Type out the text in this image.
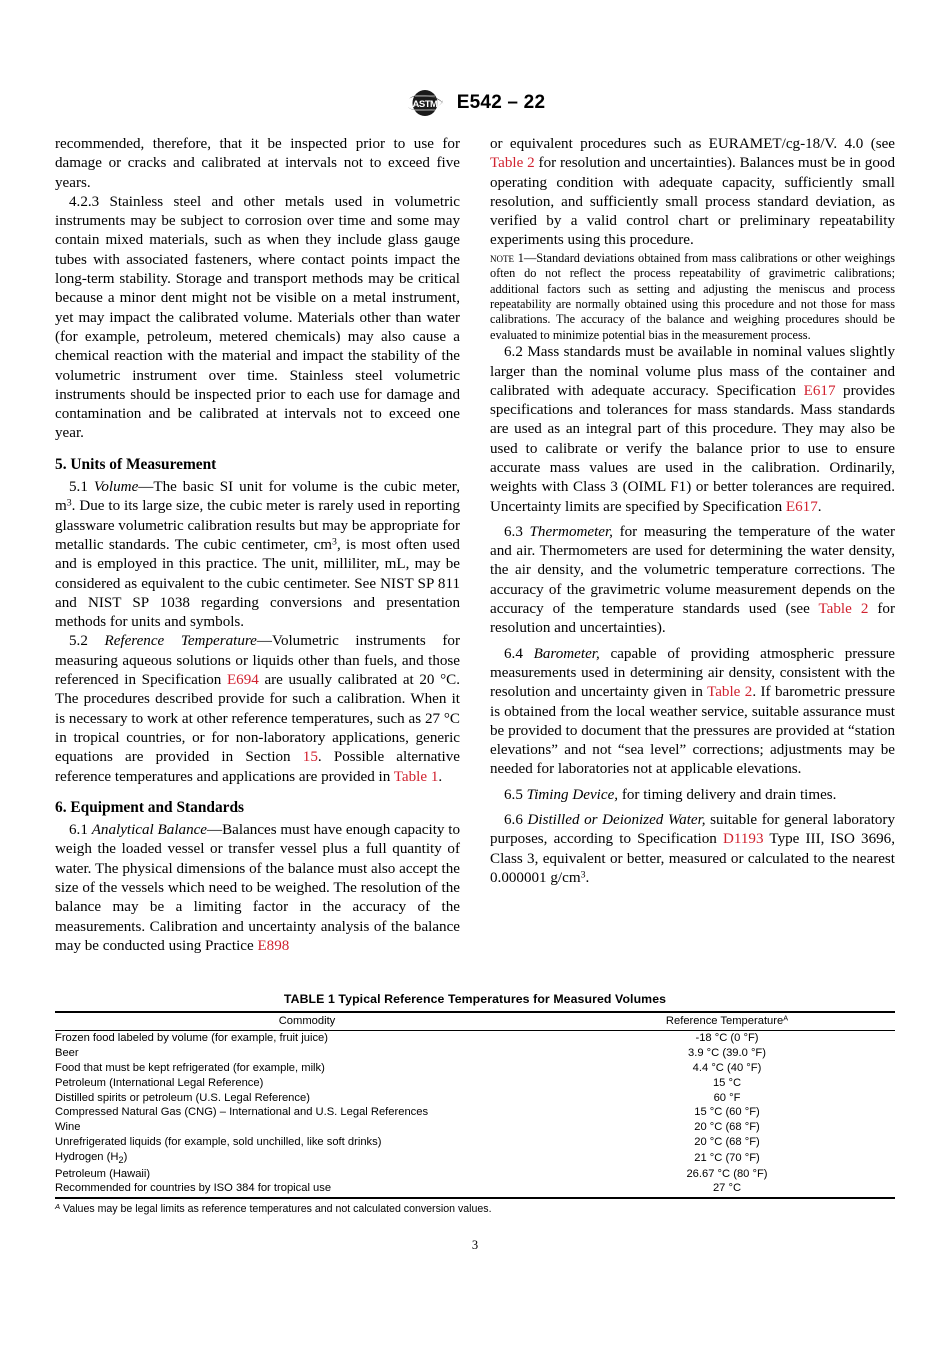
ASTM E542 – 22

recommended, therefore, that it be inspected prior to use for damage or cracks and calibrated at intervals not to exceed five years.

4.2.3 Stainless steel and other metals used in volumetric instruments may be subject to corrosion over time and some may contain mixed materials, such as when they include glass gauge tubes with associated fasteners, where contact points impact the long-term stability. Storage and transport methods may be critical because a minor dent might not be visible on a metal instrument, yet may impact the calibrated volume. Materials other than water (for example, petroleum, metered chemicals) may also cause a chemical reaction with the material and impact the stability of the volumetric instrument over time. Stainless steel volumetric instruments should be inspected prior to each use for damage and contamination and be calibrated at intervals not to exceed one year.

5. Units of Measurement

5.1 Volume—The basic SI unit for volume is the cubic meter, $m^3$. Due to its large size, the cubic meter is rarely used in reporting glassware volumetric calibration results but may be appropriate for metallic standards. The cubic centimeter, $cm^3$, is most often used and is employed in this practice. The unit, milliliter, mL, may be considered as equivalent to the cubic centimeter. See NIST SP 811 and NIST SP 1038 regarding conversions and presentation methods for units and symbols.

5.2 Reference Temperature—Volumetric instruments for measuring aqueous solutions or liquids other than fuels, and those referenced in Specification E694 are usually calibrated at 20 °C. The procedures described provide for such a calibration. When it is necessary to work at other reference temperatures, such as 27 °C in tropical countries, or for non-laboratory applications, generic equations are provided in Section 15. Possible alternative reference temperatures and applications are provided in Table 1.

6. Equipment and Standards

6.1 Analytical Balance—Balances must have enough capacity to weigh the loaded vessel or transfer vessel plus a full quantity of water. The physical dimensions of the balance must also accept the size of the vessels which need to be weighed. The resolution of the balance may be a limiting factor in the accuracy of the measurements. Calibration and uncertainty analysis of the balance may be conducted using Practice E898

or equivalent procedures such as EURAMET/cg-18/V. 4.0 (see Table 2 for resolution and uncertainties). Balances must be in good operating condition with adequate capacity, sufficiently small resolution, and sufficiently small process standard deviation, as verified by a valid control chart or preliminary repeatability experiments using this procedure.

note 1—Standard deviations obtained from mass calibrations or other weighings often do not reflect the process repeatability of gravimetric calibrations; additional factors such as setting and adjusting the meniscus and process repeatability are normally obtained using this procedure and not those for mass calibrations. The accuracy of the balance and weighing procedures should be evaluated to minimize potential bias in the measurement process.

6.2 Mass standards must be available in nominal values slightly larger than the nominal volume plus mass of the container and calibrated with adequate accuracy. Specification E617 provides specifications and tolerances for mass standards. Mass standards are used as an integral part of this procedure. They may also be used to calibrate or verify the balance prior to use to ensure accurate mass values are used in the calibration. Ordinarily, weights with Class 3 (OIML F1) or better tolerances are required. Uncertainty limits are specified by Specification E617.

6.3 Thermometer, for measuring the temperature of the water and air. Thermometers are used for determining the water density, the air density, and the volumetric temperature corrections. The accuracy of the gravimetric volume measurement depends on the accuracy of the temperature standards used (see Table 2 for resolution and uncertainties).

6.4 Barometer, capable of providing atmospheric pressure measurements used in determining air density, consistent with the resolution and uncertainty given in Table 2. If barometric pressure is obtained from the local weather service, suitable assurance must be provided to document that the pressures are provided at “station elevations” and not “sea level” corrections; adjustments may be needed for laboratories not at applicable elevations.

6.5 Timing Device, for timing delivery and drain times.

6.6 Distilled or Deionized Water, suitable for general laboratory purposes, according to Specification D1193 Type III, ISO 3696, Class 3, equivalent or better, measured or calculated to the nearest 0.000001 $g/cm^3$.

TABLE 1 Typical Reference Temperatures for Measured Volumes
Commodity	Reference Temperature$^A$
Frozen food labeled by volume (for example, fruit juice)	-18 °C (0 °F)
Beer	3.9 °C (39.0 °F)
Food that must be kept refrigerated (for example, milk)	4.4 °C (40 °F)
Petroleum (International Legal Reference)	15 °C
Distilled spirits or petroleum (U.S. Legal Reference)	60 °F
Compressed Natural Gas (CNG) – International and U.S. Legal References	15 °C (60 °F)
Wine	20 °C (68 °F)
Unrefrigerated liquids (for example, sold unchilled, like soft drinks)	20 °C (68 °F)
Hydrogen $(H_2)$	21 °C (70 °F)
Petroleum (Hawaii)	26.67 °C (80 °F)
Recommended for countries by ISO 384 for tropical use	27 °C
$^A$ Values may be legal limits as reference temperatures and not calculated conversion values.
3
